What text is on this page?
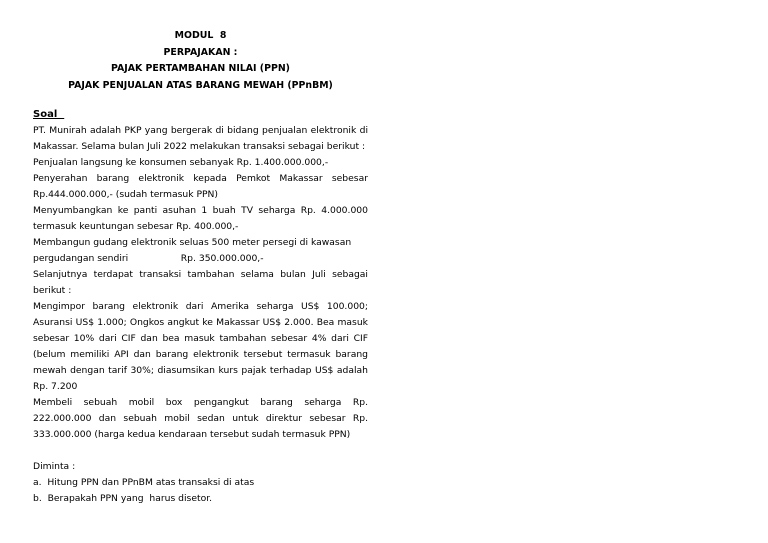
MODUL  8
PERPAJAKAN :
PAJAK PERTAMBAHAN NILAI (PPN)
PAJAK PENJUALAN ATAS BARANG MEWAH (PPnBM)
Soal

PT. Munirah adalah PKP yang bergerak di bidang penjualan elektronik di Makassar. Selama bulan Juli 2022 melakukan transaksi sebagai berikut :

Penjualan langsung ke konsumen sebanyak Rp. 1.400.000.000,-

Penyerahan barang elektronik kepada Pemkot Makassar sebesar Rp.444.000.000,- (sudah termasuk PPN)

Menyumbangkan ke panti asuhan 1 buah TV seharga Rp. 4.000.000 termasuk keuntungan sebesar Rp. 400.000,-

Membangun gudang elektronik seluas 500 meter persegi di kawasan

pergudangan sendiri                  Rp. 350.000.000,-

Selanjutnya terdapat transaksi tambahan selama bulan Juli sebagai berikut :

Mengimpor barang elektronik dari Amerika seharga US$ 100.000; Asuransi US$ 1.000; Ongkos angkut ke Makassar US$ 2.000. Bea masuk sebesar 10% dari CIF dan bea masuk tambahan sebesar 4% dari CIF (belum memiliki API dan barang elektronik tersebut termasuk barang mewah dengan tarif 30%; diasumsikan kurs pajak terhadap US$ adalah Rp. 7.200

Membeli sebuah mobil box pengangkut barang seharga Rp. 222.000.000 dan sebuah mobil sedan untuk direktur sebesar Rp. 333.000.000 (harga kedua kendaraan tersebut sudah termasuk PPN)

Diminta :
a.  Hitung PPN dan PPnBM atas transaksi di atas
b.  Berapakah PPN yang  harus disetor.
